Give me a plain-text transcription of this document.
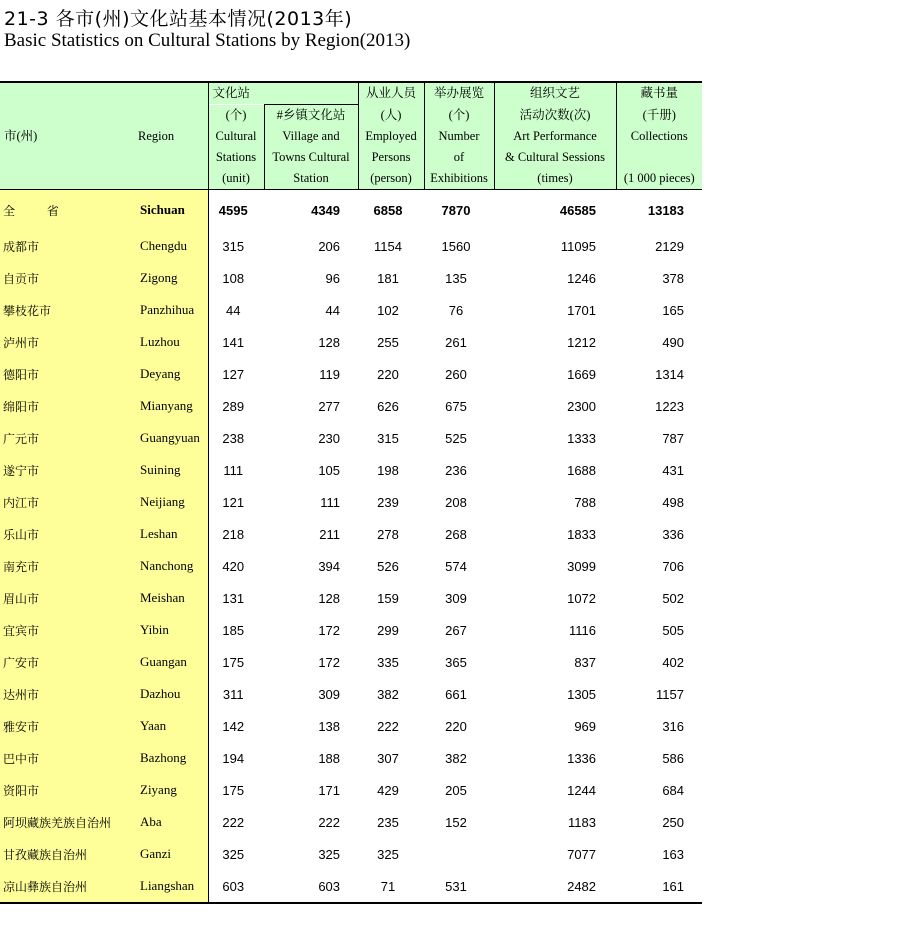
21-3 各市(州)文化站基本情况(2013年)
Basic Statistics on Cultural Stations by Region(2013)
		文化站		从业人员	举办展览	组织文艺	藏书量
		(个)	#乡镇文化站	(人)	(个)	活动次数(次)	(千册)
市(州)	Region	Cultural	Village and	Employed	Number	Art Performance	Collections
		Stations	Towns Cultural	Persons	of	& Cultural Sessions	
		(unit)	Station	(person)	Exhibitions	(times)	(1 000 pieces)
全 省	Sichuan	4595	4349	6858	7870	46585	13183
成都市	Chengdu	315	206	1154	1560	11095	2129
自贡市	Zigong	108	96	181	135	1246	378
攀枝花市	Panzhihua	44	44	102	76	1701	165
泸州市	Luzhou	141	128	255	261	1212	490
德阳市	Deyang	127	119	220	260	1669	1314
绵阳市	Mianyang	289	277	626	675	2300	1223
广元市	Guangyuan	238	230	315	525	1333	787
遂宁市	Suining	111	105	198	236	1688	431
内江市	Neijiang	121	111	239	208	788	498
乐山市	Leshan	218	211	278	268	1833	336
南充市	Nanchong	420	394	526	574	3099	706
眉山市	Meishan	131	128	159	309	1072	502
宜宾市	Yibin	185	172	299	267	1116	505
广安市	Guangan	175	172	335	365	837	402
达州市	Dazhou	311	309	382	661	1305	1157
雅安市	Yaan	142	138	222	220	969	316
巴中市	Bazhong	194	188	307	382	1336	586
资阳市	Ziyang	175	171	429	205	1244	684
阿坝藏族羌族自治州	Aba	222	222	235	152	1183	250
甘孜藏族自治州	Ganzi	325	325	325		7077	163
凉山彝族自治州	Liangshan	603	603	71	531	2482	161
